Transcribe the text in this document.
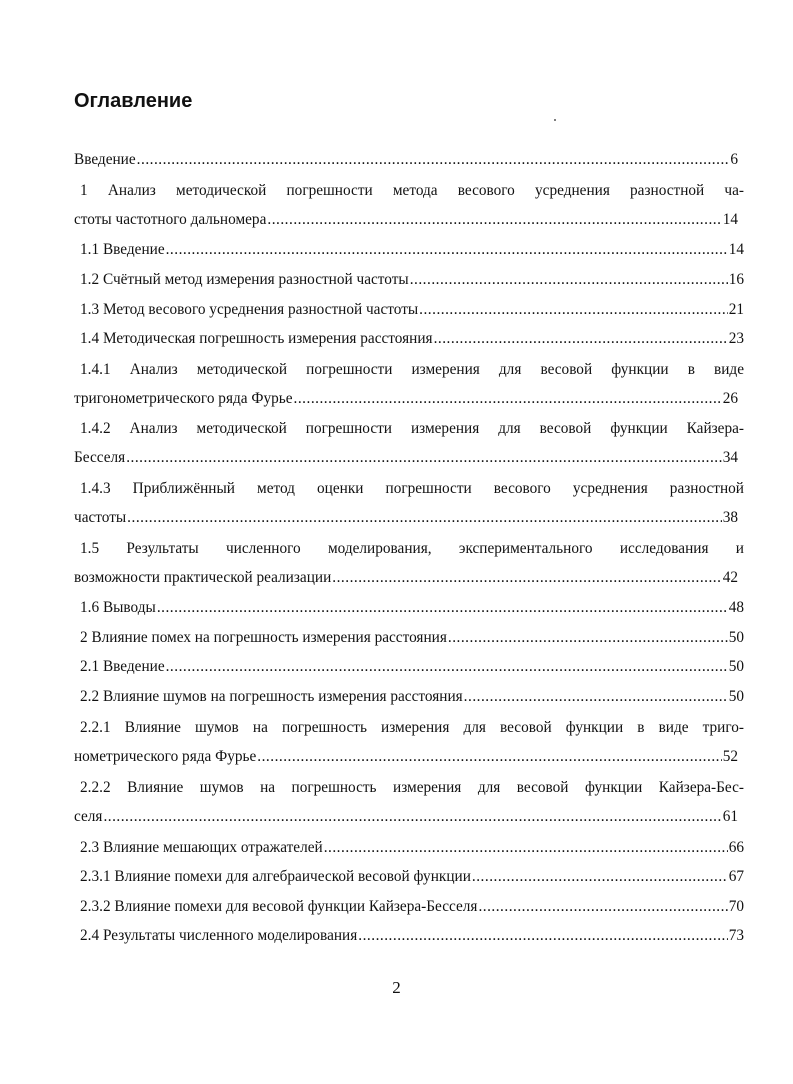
Оглавление
Введение .....	6
1 Анализ методической погрешности метода весового усреднения разностной ча-
стоты частотного дальномера .....	14
1.1 Введение .....	14
1.2 Счётный метод измерения разностной частоты .....	16
1.3 Метод весового усреднения разностной частоты .....	21
1.4 Методическая погрешность измерения расстояния .....	23
1.4.1 Анализ методической погрешности измерения для весовой функции в виде
тригонометрического ряда Фурье .....	26
1.4.2 Анализ методической погрешности измерения для весовой функции Кайзера-
Бесселя .....	34
1.4.3 Приближённый метод оценки погрешности весового усреднения разностной
частоты .....	38
1.5 Результаты численного моделирования, экспериментального исследования и
возможности практической реализации .....	42
1.6 Выводы .....	48
2 Влияние помех на погрешность измерения расстояния .....	50
2.1 Введение .....	50
2.2 Влияние шумов на погрешность измерения расстояния .....	50
2.2.1 Влияние шумов на погрешность измерения для весовой функции в виде триго-
нометрического ряда Фурье .....	52
2.2.2 Влияние шумов на погрешность измерения для весовой функции Кайзера-Бес-
селя .....	61
2.3 Влияние мешающих отражателей .....	66
2.3.1 Влияние помехи для алгебраической весовой функции .....	67
2.3.2 Влияние помехи для весовой функции Кайзера-Бесселя .....	70
2.4 Результаты численного моделирования .....	73
2
